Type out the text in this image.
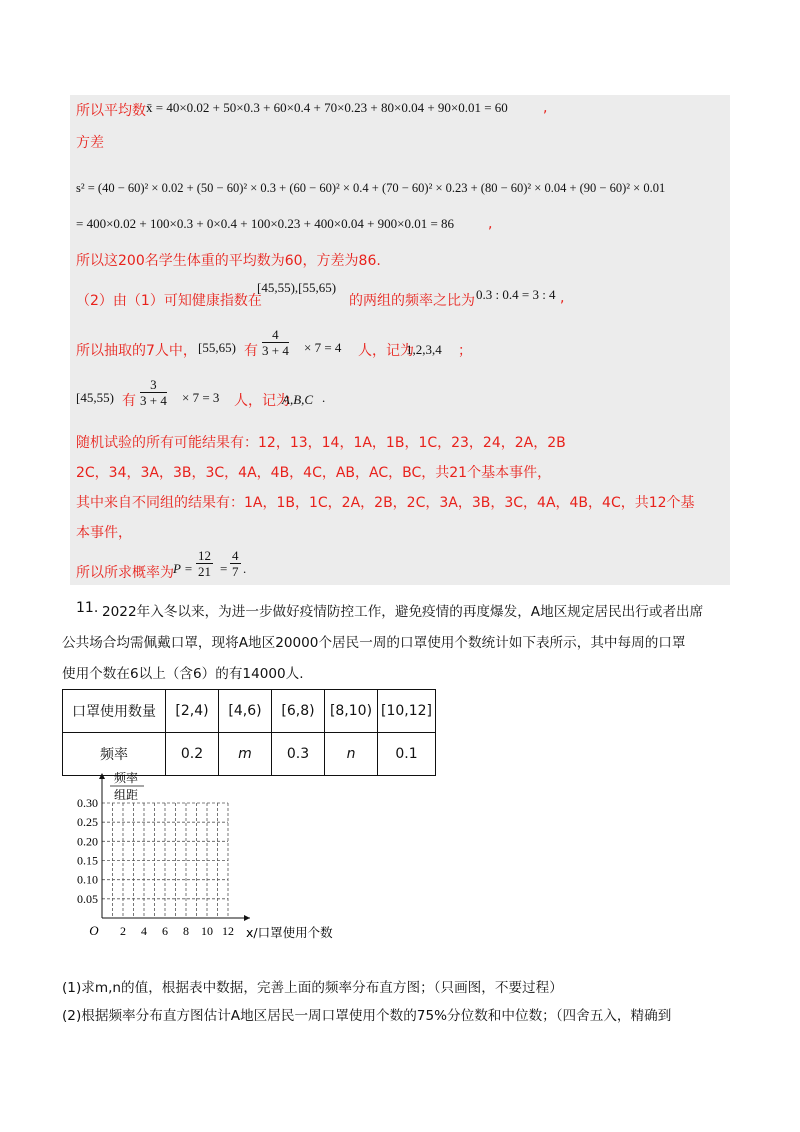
所以平均数 x̄ = 40×0.02 + 50×0.3 + 60×0.4 + 70×0.23 + 80×0.04 + 90×0.01 = 60	,
方差
s² = (40 − 60)² × 0.02 + (50 − 60)² × 0.3 + (60 − 60)² × 0.4 + (70 − 60)² × 0.23 + (80 − 60)² × 0.04 + (90 − 60)² × 0.01
= 400×0.02 + 100×0.3 + 0×0.4 + 100×0.23 + 400×0.04 + 900×0.01 = 86 ,
所以这200名学生体重的平均数为60，方差为86.
（2）由（1）可知健康指数在
[45,55),[55,65)
的两组的频率之比为 0.3 : 0.4 = 3 : 4 ,
所以抽取的7人中， [55,65) 有 $\frac{4}{3 + 4} \times 7 = 4$ 人，记为
1,2,3,4 ；
[45,55) 有 $\frac{3}{3 + 4} \times 7 = 3$ 人，记为
A,B,C .
随机试验的所有可能结果有：12，13，14，1A，1B，1C，23，24，2A，2B
2C，34，3A，3B，3C，4A，4B，4C，AB，AC，BC，共21个基本事件，
其中来自不同组的结果有：1A，1B，1C，2A，2B，2C，3A，3B，3C，4A，4B，4C，共12个基
本事件，
所以所求概率为 $P = \frac{12}{21} = \frac{4}{7}$ .
11. 2022年入冬以来，为进一步做好疫情防控工作，避免疫情的再度爆发，A地区规定居民出行或者出席
公共场合均需佩戴口罩，现将A地区20000个居民一周的口罩使用个数统计如下表所示，其中每周的口罩
使用个数在6以上（含6）的有14000人.
口罩使用数量	[2,4)	[4,6)	[6,8)	[8,10)	[10,12]
频率	0.2	m	0.3	n	0.1
0.05
0.10
0.15
0.20
0.25
0.30
2 4 6 8 10 12
O	x/口罩使用个数
频率
组距
(1)求m,n的值，根据表中数据，完善上面的频率分布直方图；（只画图，不要过程）
(2)根据频率分布直方图估计A地区居民一周口罩使用个数的75%分位数和中位数；（四舍五入，精确到
